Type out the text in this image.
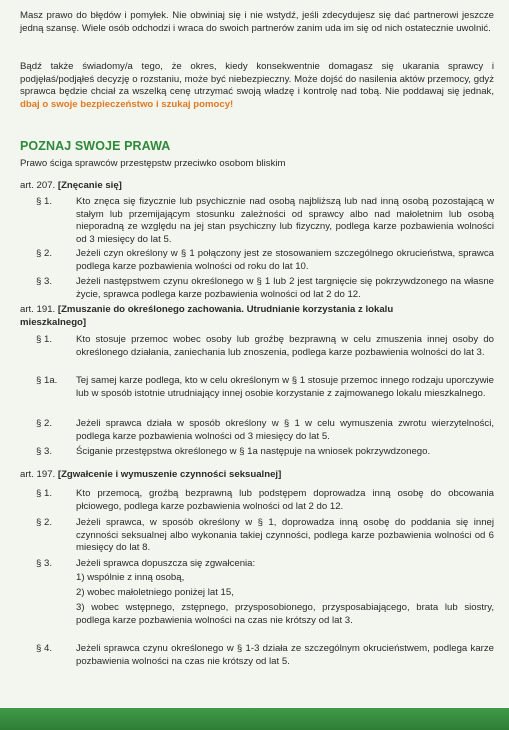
Masz prawo do błędów i pomyłek. Nie obwiniaj się i nie wstydź, jeśli zdecydujesz się dać partnerowi jeszcze jedną szansę. Wiele osób odchodzi i wraca do swoich partnerów zanim uda im się od nich ostatecznie uwolnić.
Bądź także świadomy/a tego, że okres, kiedy konsekwentnie domagasz się ukarania sprawcy i podjęłaś/podjąłeś decyzję o rozstaniu, może być niebezpieczny. Może dojść do nasilenia aktów przemocy, gdyż sprawca będzie chciał za wszelką cenę utrzymać swoją władzę i kontrolę nad tobą. Nie poddawaj się jednak, dbaj o swoje bezpieczeństwo i szukaj pomocy!
POZNAJ SWOJE PRAWA
Prawo ściga sprawców przestępstw przeciwko osobom bliskim
art. 207. [Znęcanie się]
§ 1. Kto znęca się fizycznie lub psychicznie nad osobą najbliższą lub nad inną osobą pozostającą w stałym lub przemijającym stosunku zależności od sprawcy albo nad małoletnim lub osobą nieporadną ze względu na jej stan psychiczny lub fizyczny, podlega karze pozbawienia wolności od 3 miesięcy do lat 5.
§ 2. Jeżeli czyn określony w § 1 połączony jest ze stosowaniem szczególnego okrucieństwa, sprawca podlega karze pozbawienia wolności od roku do lat 10.
§ 3. Jeżeli następstwem czynu określonego w § 1 lub 2 jest targnięcie się pokrzywdzonego na własne życie, sprawca podlega karze pozbawienia wolności od lat 2 do 12.
art. 191. [Zmuszanie do określonego zachowania. Utrudnianie korzystania z lokalu mieszkalnego]
§ 1. Kto stosuje przemoc wobec osoby lub groźbę bezprawną w celu zmuszenia innej osoby do określonego działania, zaniechania lub znoszenia, podlega karze pozbawienia wolności do lat 3.
§ 1a. Tej samej karze podlega, kto w celu określonym w § 1 stosuje przemoc innego rodzaju uporczywie lub w sposób istotnie utrudniający innej osobie korzystanie z zajmowanego lokalu mieszkalnego.
§ 2. Jeżeli sprawca działa w sposób określony w § 1 w celu wymuszenia zwrotu wierzytelności, podlega karze pozbawienia wolności od 3 miesięcy do lat 5.
§ 3. Ściganie przestępstwa określonego w § 1a następuje na wniosek pokrzywdzonego.
art. 197. [Zgwałcenie i wymuszenie czynności seksualnej]
§ 1. Kto przemocą, groźbą bezprawną lub podstępem doprowadza inną osobę do obcowania płciowego, podlega karze pozbawienia wolności od lat 2 do 12.
§ 2. Jeżeli sprawca, w sposób określony w § 1, doprowadza inną osobę do poddania się innej czynności seksualnej albo wykonania takiej czynności, podlega karze pozbawienia wolności od 6 miesięcy do lat 8.
§ 3. Jeżeli sprawca dopuszcza się zgwałcenia:
1) wspólnie z inną osobą,
2) wobec małoletniego poniżej lat 15,
3) wobec wstępnego, zstępnego, przysposobionego, przysposabiającego, brata lub siostry, podlega karze pozbawienia wolności na czas nie krótszy od lat 3.
§ 4. Jeżeli sprawca czynu określonego w § 1-3 działa ze szczególnym okrucieństwem, podlega karze pozbawienia wolności na czas nie krótszy od lat 5.
